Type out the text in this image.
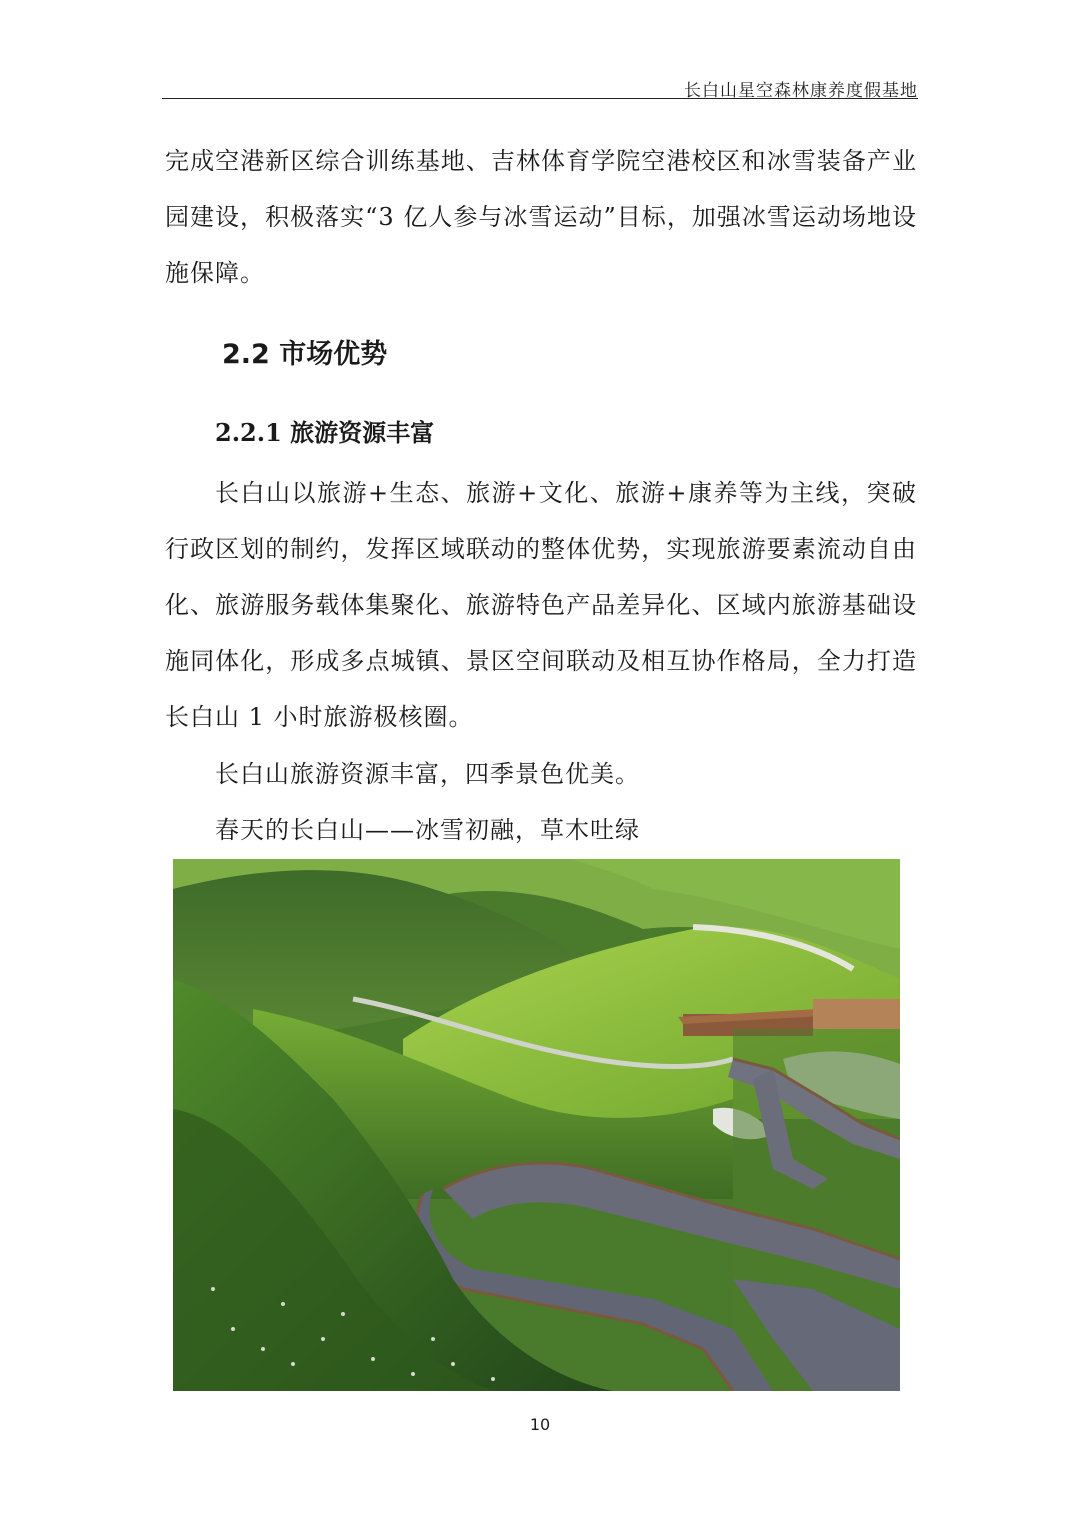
长白山星空森林康养度假基地

完成空港新区综合训练基地、吉林体育学院空港校区和冰雪装备产业园建设，积极落实“3 亿人参与冰雪运动”目标，加强冰雪运动场地设施保障。

2.2 市场优势
2.2.1 旅游资源丰富

长白山以旅游+生态、旅游+文化、旅游+康养等为主线，突破行政区划的制约，发挥区域联动的整体优势，实现旅游要素流动自由化、旅游服务载体集聚化、旅游特色产品差异化、区域内旅游基础设施同体化，形成多点城镇、景区空间联动及相互协作格局，全力打造长白山 1 小时旅游极核圈。

长白山旅游资源丰富，四季景色优美。

春天的长白山——冰雪初融，草木吐绿

10
